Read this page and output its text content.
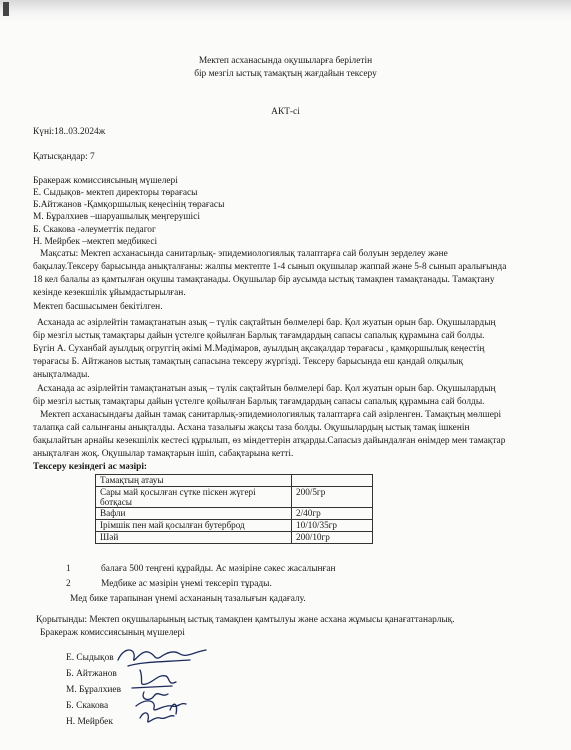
Мектеп асханасында оқушыларға берілетін
бір мезгіл ыстық тамақтың жағдайын тексеру
АКТ-сі
Күні:18..03.2024ж
Қатысқандар: 7
Бракераж комиссиясының мүшелері
Е. Сыдықов- мектеп директоры төрағасы
Б.Айтжанов -Қамқоршылық кеңесінің төрағасы
М. Бұралхиев –шаруашылық меңгерушісі
Б. Скакова -әлеуметтік педагог
Н. Мейрбек –мектеп медбикесі
Мақсаты: Мектеп асханасында санитарлық- эпидемиологиялық талаптарға сай болуын зерделеу және
бақылау.Тексеру барысында анықталғаны: жалпы мектепте 1-4 сынып оқушылар жаппай және 5-8 сынып аралығында
18 кел балалы аз қамтылған оқушы тамақтанады. Оқушылар бір аусымда ыстық тамақпен тамақтанады. Тамақтану
кезінде кезекшілік ұйымдастырылған.
Мектеп басшысымен бекітілген.
Асханада ас әзірлейтін тамақтанатын азық – түлік сақтайтын бөлмелері бар. Қол жуатын орын бар. Оқушылардың
бір мезгіл ыстық тамақтары дайын үстелге қойылған Барлық тағамдардың сапасы сапалық құрамына сай болды.
Бүгін А. Суханбай ауылдық огруггің әкімі М.Мәдімаров, ауылдың ақсақалдар төрағасы , қамқоршылық кеңестің
төрағасы Б. Айтжанов ыстық тамақтың сапасына тексеру жүргізді. Тексеру барысында еш қандай олқылық
анықталмады.
Асханада ас әзірлейтін тамақтанатын азық – түлік сақтайтын бөлмелері бар. Қол жуатын орын бар. Оқушылардың
бір мезгіл ыстық тамақтары дайын үстелге қойылған Барлық тағамдардың сапасы сапалық құрамына сай болды.
Мектеп асханасындағы дайын тамақ санитарлық-эпидемиологиялық талаптарға сай әзірленген. Тамақтың мөлшері
талапқа сай салынғаны анықталды. Асхана тазалығы жақсы таза болды. Оқушылардың ыстық тамақ ішкенін
бақылайтын арнайы кезекшілік кестесі құрылып, өз міндеттерін атқарды.Сапасыз дайындалған өнімдер мен тамақтар
анықталған жоқ. Оқушылар тамақтарын ішіп, сабақтарына кетті.
Тексеру кезіндегі ас мәзірі:
Тамақтың атауы	

Сары май қосылған сүтке піскен жүгері
ботқасы	200/5гр
Вафли	2/40гр
Ірімшік пен май қосылған бутерброд	10/10/35гр
Шәй	200/10гр
1	балаға 500 теңгені құрайды. Ас мәзіріне сәкес жасалынған
2	Медбике ас мәзірін үнемі тексеріп тұрады.
Мед бике тарапынан үнемі асхананың тазалығын қадағалу.
Қорытынды: Мектеп оқушыларының ыстық тамақпен қамтылуы және асхана жұмысы қанағаттанарлық.
Бракераж комиссиясының мүшелері
Е. Сыдықов
Б. Айтжанов
М. Бұралхиев
Б. Скакова
Н. Мейрбек
